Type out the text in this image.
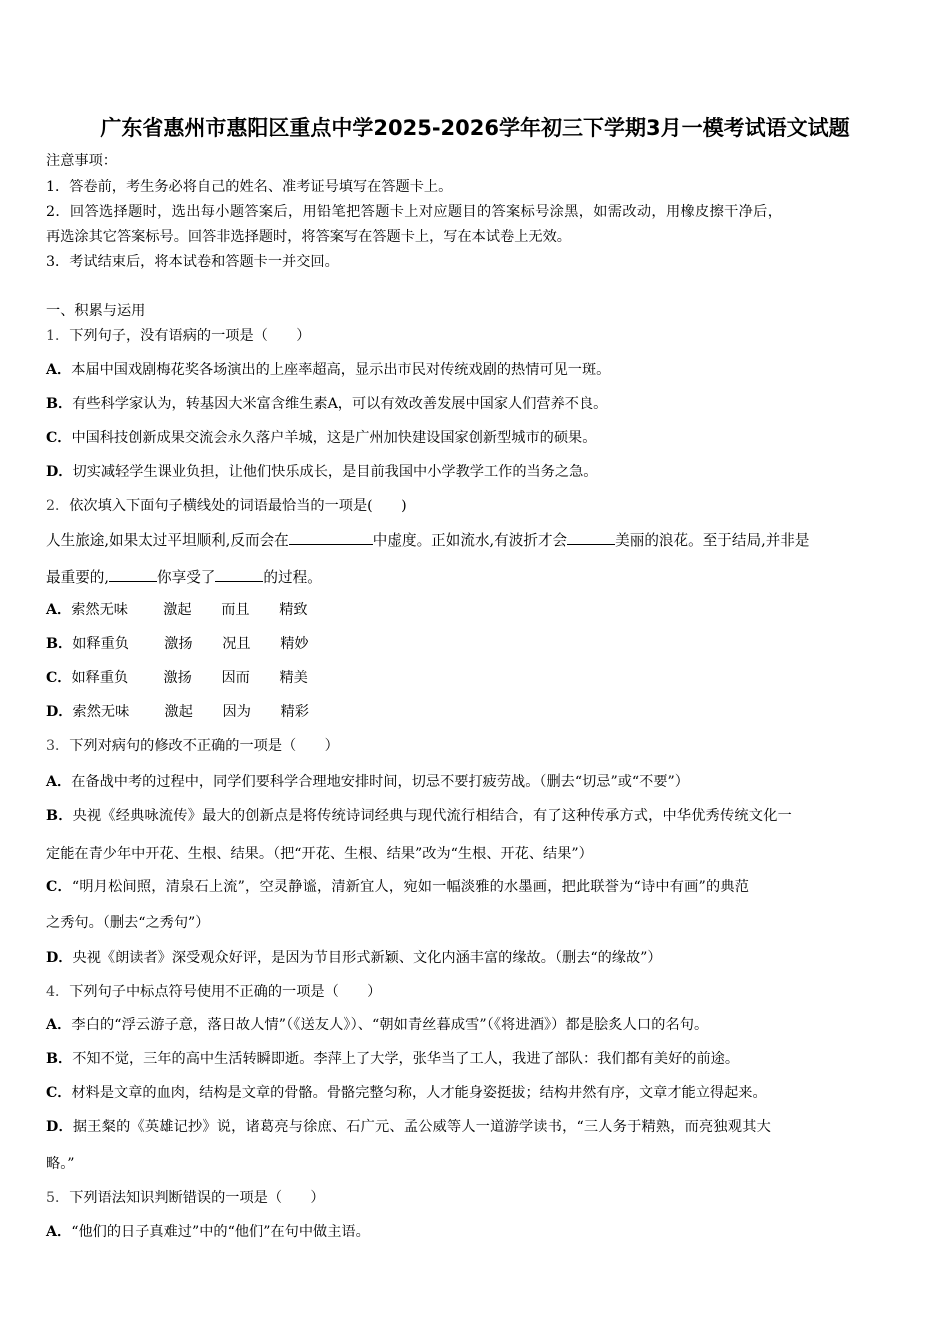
广东省惠州市惠阳区重点中学2025-2026学年初三下学期3月一模考试语文试题
注意事项：
1．答卷前，考生务必将自己的姓名、准考证号填写在答题卡上。
2．回答选择题时，选出每小题答案后，用铅笔把答题卡上对应题目的答案标号涂黑，如需改动，用橡皮擦干净后，
再选涂其它答案标号。回答非选择题时，将答案写在答题卡上，写在本试卷上无效。
3．考试结束后，将本试卷和答题卡一并交回。
一、积累与运用
1．下列句子，没有语病的一项是（　　）
A．本届中国戏剧梅花奖各场演出的上座率超高，显示出市民对传统戏剧的热情可见一斑。
B．有些科学家认为，转基因大米富含维生素A，可以有效改善发展中国家人们营养不良。
C．中国科技创新成果交流会永久落户羊城，这是广州加快建设国家创新型城市的硕果。
D．切实减轻学生课业负担，让他们快乐成长，是目前我国中小学教学工作的当务之急。
2．依次填入下面句子横线处的词语最恰当的一项是(　　)
人生旅途,如果太过平坦顺利,反而会在	中虚度。正如流水,有波折才会	美丽的浪花。至于结局,并非是
最重要的,	你享受了	的过程。
A．索然无味 激起 而且 精致
B．如释重负 激扬 况且 精妙
C．如释重负 激扬 因而 精美
D．索然无味 激起 因为 精彩
3．下列对病句的修改不正确的一项是（　　）
A．在备战中考的过程中，同学们要科学合理地安排时间，切忌不要打疲劳战。（删去“切忌”或“不要”）
B．央视《经典咏流传》最大的创新点是将传统诗词经典与现代流行相结合，有了这种传承方式，中华优秀传统文化一
定能在青少年中开花、生根、结果。（把“开花、生根、结果”改为“生根、开花、结果”）
C．“明月松间照，清泉石上流”，空灵静谧，清新宜人，宛如一幅淡雅的水墨画，把此联誉为“诗中有画”的典范
之秀句。（删去“之秀句”）
D．央视《朗读者》深受观众好评，是因为节目形式新颖、文化内涵丰富的缘故。（删去“的缘故”）
4．下列句子中标点符号使用不正确的一项是（　　）
A．李白的“浮云游子意，落日故人情”（《送友人》）、“朝如青丝暮成雪”（《将进酒》）都是脍炙人口的名句。
B．不知不觉，三年的高中生活转瞬即逝。李萍上了大学，张华当了工人，我进了部队：我们都有美好的前途。
C．材料是文章的血肉，结构是文章的骨骼。骨骼完整匀称，人才能身姿挺拔；结构井然有序，文章才能立得起来。
D．据王粲的《英雄记抄》说，诸葛亮与徐庶、石广元、孟公威等人一道游学读书，“三人务于精熟，而亮独观其大
略。”
5．下列语法知识判断错误的一项是（　　）
A．“他们的日子真难过”中的“他们”在句中做主语。
